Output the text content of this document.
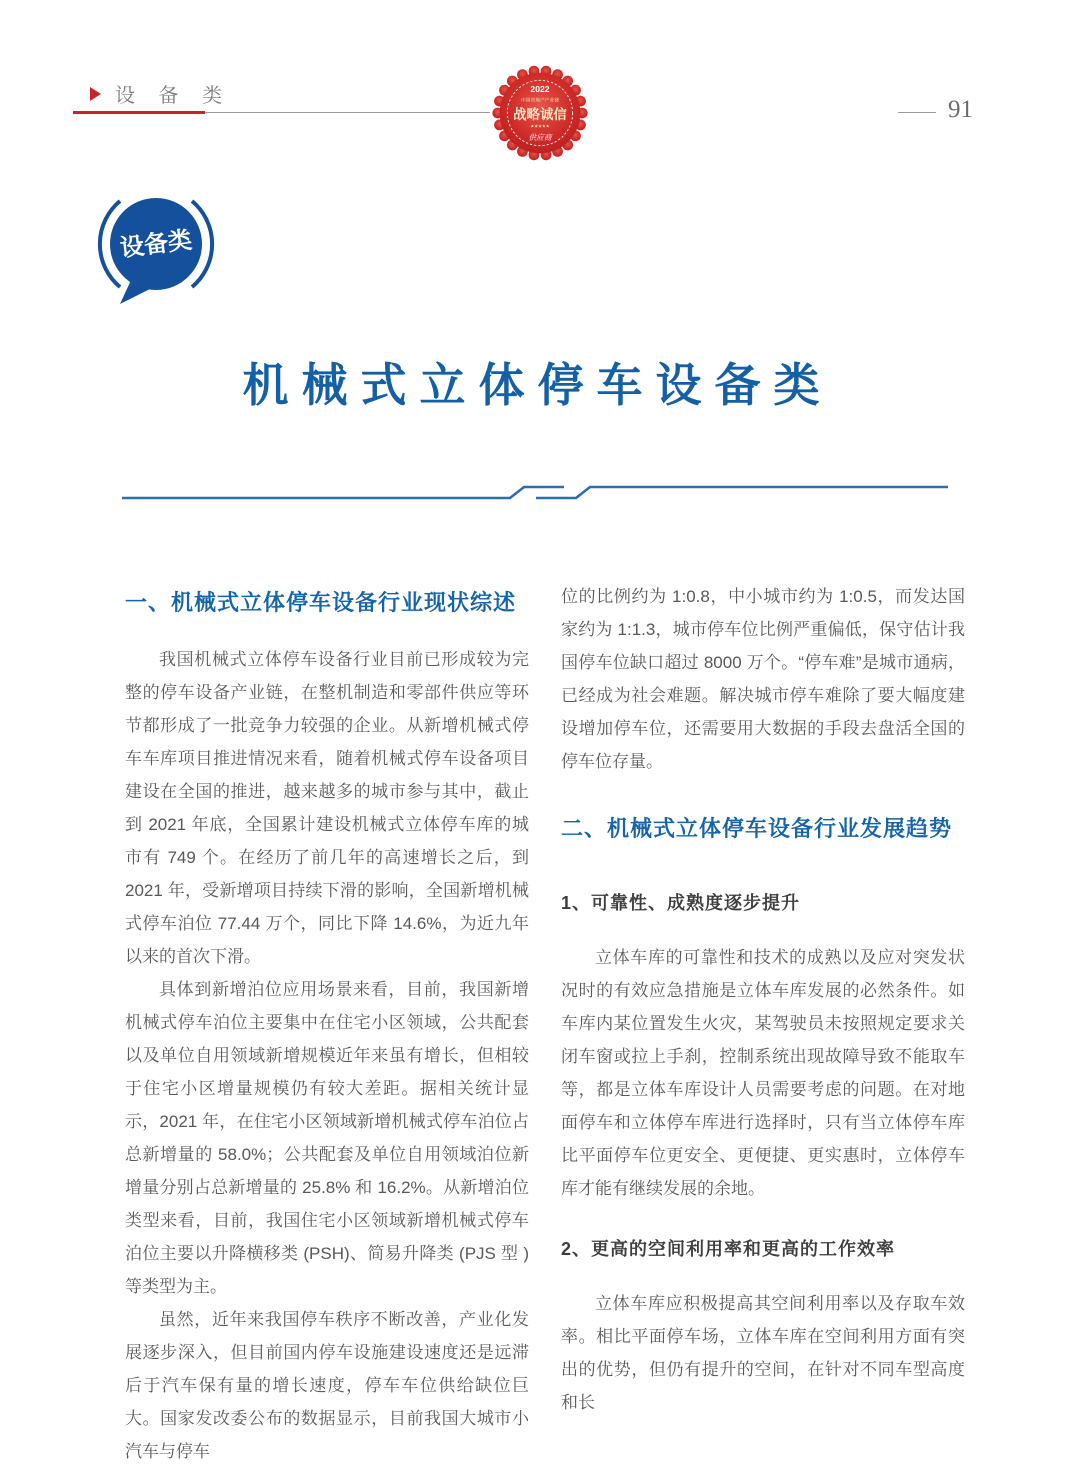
设 备 类	91
2022
中国房地产产业链
战略诚信
·★★★★★·
供应商
设备类
机械式立体停车设备类
一、机械式立体停车设备行业现状综述

我国机械式立体停车设备行业目前已形成较为完整的停车设备产业链，在整机制造和零部件供应等环节都形成了一批竞争力较强的企业。从新增机械式停车车库项目推进情况来看，随着机械式停车设备项目建设在全国的推进，越来越多的城市参与其中，截止到 2021 年底，全国累计建设机械式立体停车库的城市有 749 个。在经历了前几年的高速增长之后，到 2021 年，受新增项目持续下滑的影响，全国新增机械式停车泊位 77.44 万个，同比下降 14.6%，为近九年以来的首次下滑。

具体到新增泊位应用场景来看，目前，我国新增机械式停车泊位主要集中在住宅小区领域，公共配套以及单位自用领域新增规模近年来虽有增长，但相较于住宅小区增量规模仍有较大差距。据相关统计显示，2021 年，在住宅小区领域新增机械式停车泊位占总新增量的 58.0%；公共配套及单位自用领域泊位新增量分别占总新增量的 25.8% 和 16.2%。从新增泊位类型来看，目前，我国住宅小区领域新增机械式停车泊位主要以升降横移类 (PSH)、简易升降类 (PJS 型 ) 等类型为主。

虽然，近年来我国停车秩序不断改善，产业化发展逐步深入，但目前国内停车设施建设速度还是远滞后于汽车保有量的增长速度，停车车位供给缺位巨大。国家发改委公布的数据显示，目前我国大城市小汽车与停车

位的比例约为 1:0.8，中小城市约为 1:0.5，而发达国家约为 1:1.3，城市停车位比例严重偏低，保守估计我国停车位缺口超过 8000 万个。“停车难”是城市通病，已经成为社会难题。解决城市停车难除了要大幅度建设增加停车位，还需要用大数据的手段去盘活全国的停车位存量。

二、机械式立体停车设备行业发展趋势
1、可靠性、成熟度逐步提升

立体车库的可靠性和技术的成熟以及应对突发状况时的有效应急措施是立体车库发展的必然条件。如车库内某位置发生火灾，某驾驶员未按照规定要求关闭车窗或拉上手刹，控制系统出现故障导致不能取车等，都是立体车库设计人员需要考虑的问题。在对地面停车和立体停车库进行选择时，只有当立体停车库比平面停车位更安全、更便捷、更实惠时，立体停车库才能有继续发展的余地。

2、更高的空间利用率和更高的工作效率

立体车库应积极提高其空间利用率以及存取车效率。相比平面停车场，立体车库在空间利用方面有突出的优势，但仍有提升的空间，在针对不同车型高度和长
